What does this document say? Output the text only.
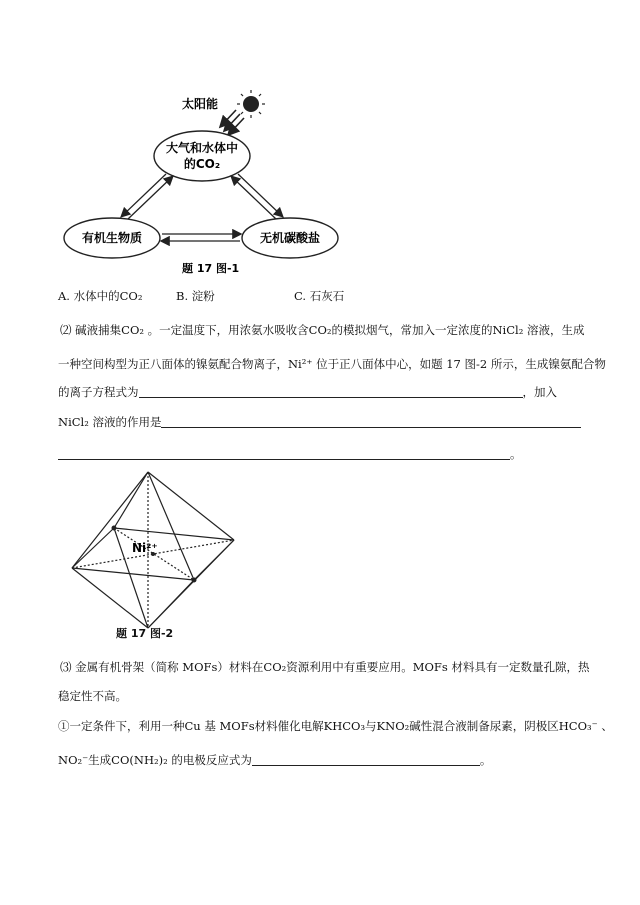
太阳能
大气和水体中
的CO₂
有机生物质	无机碳酸盐
题 17 图-1
A. 水体中的CO₂	B. 淀粉	C. 石灰石
⑵ 碱液捕集CO₂ 。一定温度下，用浓氨水吸收含CO₂的模拟烟气，常加入一定浓度的NiCl₂ 溶液，生成
一种空间构型为正八面体的镍氨配合物离子，Ni²⁺ 位于正八面体中心，如题 17 图-2 所示，生成镍氨配合物
的离子方程式为	，加入
NiCl₂ 溶液的作用是
。
Ni²⁺
题 17 图-2
⑶ 金属有机骨架（简称 MOFs）材料在CO₂资源利用中有重要应用。MOFs 材料具有一定数量孔隙，热
稳定性不高。
①一定条件下，利用一种Cu 基 MOFs材料催化电解KHCO₃与KNO₂碱性混合液制备尿素，阴极区HCO₃⁻ 、
NO₂⁻生成CO(NH₂)₂ 的电极反应式为	。
